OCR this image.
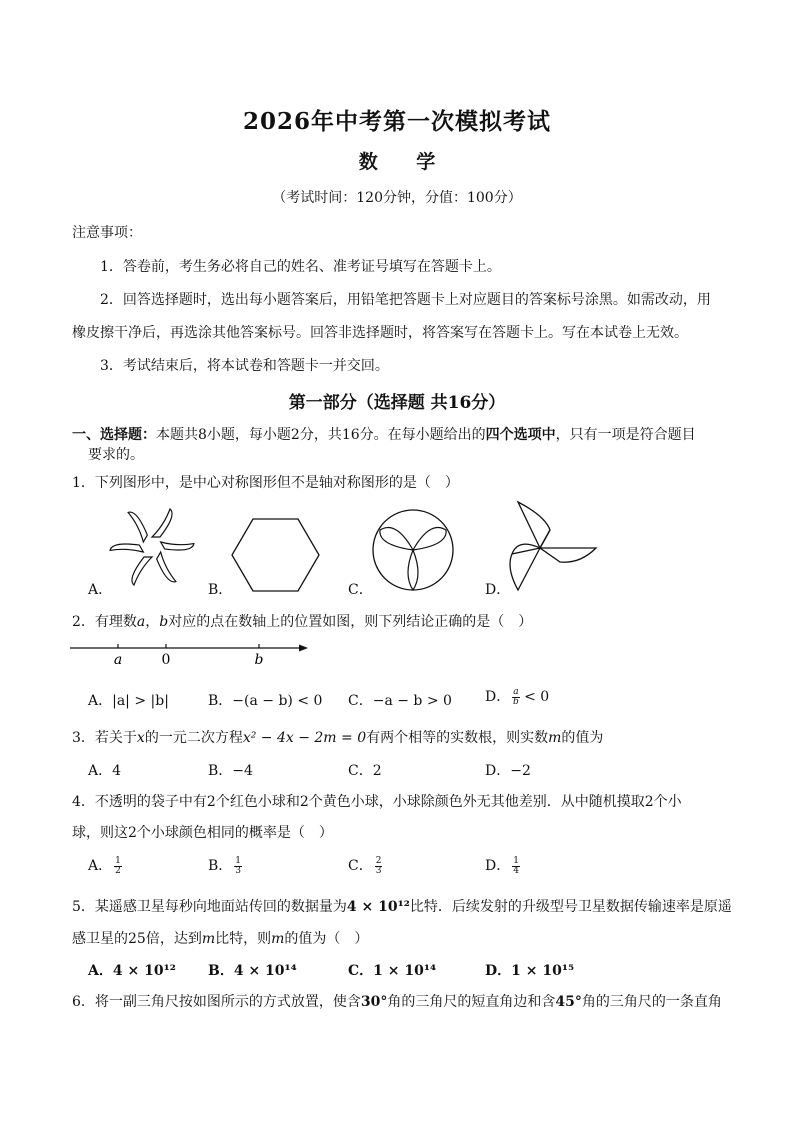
2026年中考第一次模拟考试
数 学
（考试时间：120分钟，分值：100分）
注意事项：
1．答卷前，考生务必将自己的姓名、准考证号填写在答题卡上。
2．回答选择题时，选出每小题答案后，用铅笔把答题卡上对应题目的答案标号涂黑。如需改动，用
橡皮擦干净后，再选涂其他答案标号。回答非选择题时，将答案写在答题卡上。写在本试卷上无效。
3．考试结束后，将本试卷和答题卡一并交回。
第一部分（选择题 共16分）
一、选择题：本题共8小题，每小题2分，共16分。在每小题给出的四个选项中，只有一项是符合题目
要求的。
1．下列图形中，是中心对称图形但不是轴对称图形的是（　）
A．	B．	C．	D．
2．有理数a，b对应的点在数轴上的位置如图，则下列结论正确的是（　）
a	0	b
A．|a| > |b|	B．−(a − b) < 0 C．−a − b > 0 D． $\frac{a}{b} < 0$
3．若关于x的一元二次方程x² − 4x − 2m = 0有两个相等的实数根，则实数m的值为
A．4	B．−4	C．2	D．−2
4．不透明的袋子中有2个红色小球和2个黄色小球，小球除颜色外无其他差别．从中随机摸取2个小
球，则这2个小球颜色相同的概率是（　）
A． $\frac{1}{2}$	B． $\frac{1}{3}$	C． $\frac{2}{3}$	D． $\frac{1}{4}$
5．某遥感卫星每秒向地面站传回的数据量为4 × 10¹²比特．后续发射的升级型号卫星数据传输速率是原遥
感卫星的25倍，达到m比特，则m的值为（　）
A．4 × 10¹² B．4 × 10¹⁴	C．1 × 10¹⁴	D．1 × 10¹⁵
6．将一副三角尺按如图所示的方式放置，使含30°角的三角尺的短直角边和含45°角的三角尺的一条直角
